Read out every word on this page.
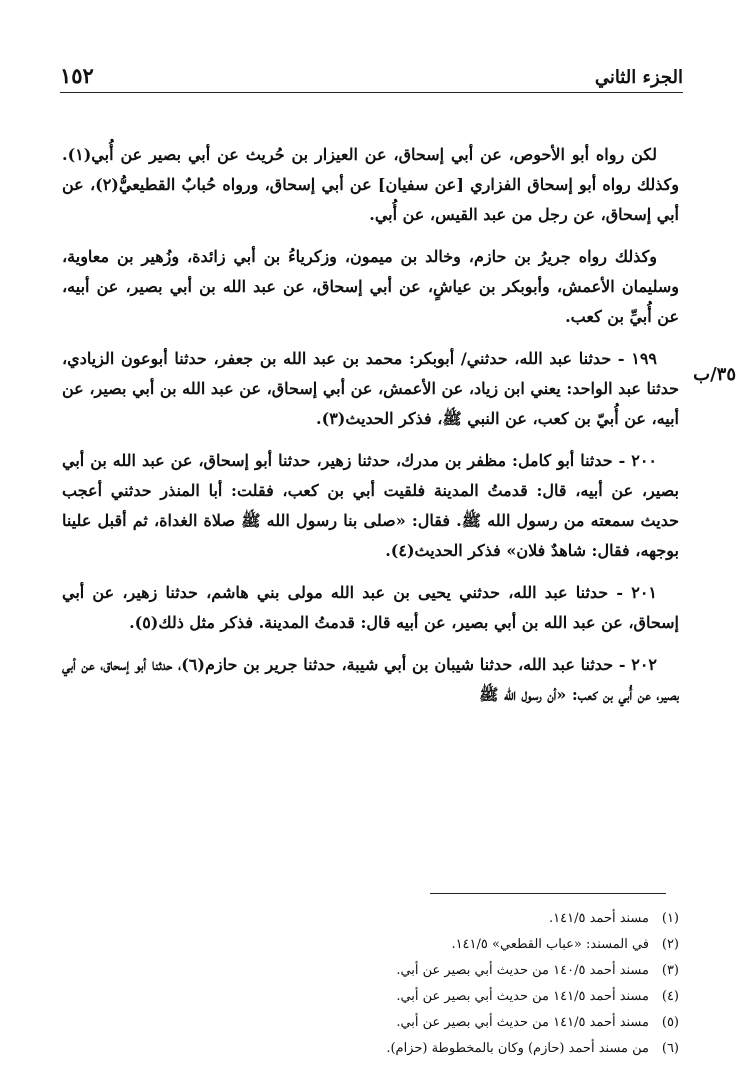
١٥٢	الجزء الثاني
٣٥/ب

لكن رواه أبو الأحوص، عن أبي إسحاق، عن العيزار بن حُريث عن أبي بصير عن أُبي(١). وكذلك رواه أبو إسحاق الفزاري [عن سفيان] عن أبي إسحاق، ورواه حُبابٌ القطيعيُّ(٢)، عن أبي إسحاق، عن رجل من عبد القيس، عن أُبي.

وكذلك رواه جريرُ بن حازم، وخالد بن ميمون، وزكرياءُ بن أبي زائدة، وزُهير بن معاوية، وسليمان الأعمش، وأبوبكر بن عياشٍ، عن أبي إسحاق، عن عبد الله بن أبي بصير، عن أبيه، عن أُبيِّ بن كعب.

١٩٩ - حدثنا عبد الله، حدثني/ أبوبكر: محمد بن عبد الله بن جعفر، حدثنا أبوعون الزيادي، حدثنا عبد الواحد: يعني ابن زياد، عن الأعمش، عن أبي إسحاق، عن عبد الله بن أبي بصير، عن أبيه، عن أُبيّ بن كعب، عن النبي ﷺ، فذكر الحديث(٣).

٢٠٠ - حدثنا أبو كامل: مظفر بن مدرك، حدثنا زهير، حدثنا أبو إسحاق، عن عبد الله بن أبي بصير، عن أبيه، قال: قدمتُ المدينة فلقيت أبي بن كعب، فقلت: أبا المنذر حدثني أعجب حديث سمعته من رسول الله ﷺ. فقال: «صلى بنا رسول الله ﷺ صلاة الغداة، ثم أقبل علينا بوجهه، فقال: شاهدٌ فلان» فذكر الحديث(٤).

٢٠١ - حدثنا عبد الله، حدثني يحيى بن عبد الله مولى بني هاشم، حدثنا زهير، عن أبي إسحاق، عن عبد الله بن أبي بصير، عن أبيه قال: قدمتُ المدينة. فذكر مثل ذلك(٥).

٢٠٢ - حدثنا عبد الله، حدثنا شيبان بن أبي شيبة، حدثنا جرير بن حازم(٦)، حدثنا أبو إسحاق، عن أبي بصير، عن أُبي بن كعب: «أن رسول الله ﷺ

(١)مسند أحمد ١٤١/٥.
(٢)في المسند: «عباب القطعي» ١٤١/٥.
(٣)مسند أحمد ١٤٠/٥ من حديث أبي بصير عن أبي.
(٤)مسند أحمد ١٤١/٥ من حديث أبي بصير عن أبي.
(٥)مسند أحمد ١٤١/٥ من حديث أبي بصير عن أبي.
(٦)من مسند أحمد (حازم) وكان بالمخطوطة (حزام).
